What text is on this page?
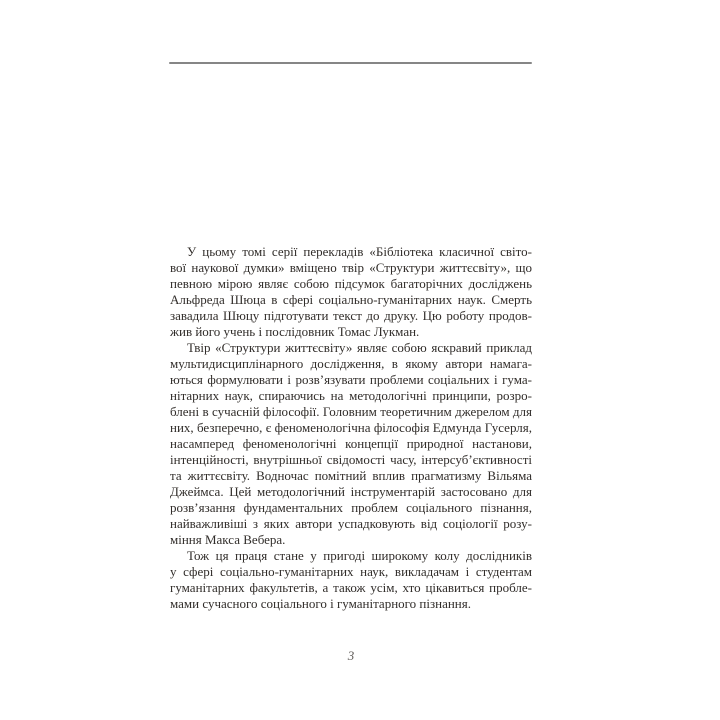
У цьому томі серії перекладів «Бібліотека класичної світо-
вої наукової думки» вміщено твір «Структури життєсвіту», що
певною мірою являє собою підсумок багаторічних досліджень
Альфреда Шюца в сфері соціально-гуманітарних наук. Смерть
завадила Шюцу підготувати текст до друку. Цю роботу продов-
жив його учень і послідовник Томас Лукман.

Твір «Структури життєсвіту» являє собою яскравий приклад
мультидисциплінарного дослідження, в якому автори намага-
ються формулювати і розв’язувати проблеми соціальних і гума-
нітарних наук, спираючись на методологічні принципи, розро-
блені в сучасній філософії. Головним теоретичним джерелом для
них, безперечно, є феноменологічна філософія Едмунда Гусерля,
насамперед феноменологічні концепції природної настанови,
інтенційності, внутрішньої свідомості часу, інтерсуб’єктивності
та життєсвіту. Водночас помітний вплив прагматизму Вільяма
Джеймса. Цей методологічний інструментарій застосовано для
розв’язання фундаментальних проблем соціального пізнання,
найважливіші з яких автори успадковують від соціології розу-
міння Макса Вебера.

Тож ця праця стане у пригоді широкому колу дослідників
у сфері соціально-гуманітарних наук, викладачам і студентам
гуманітарних факультетів, а також усім, хто цікавиться пробле-
мами сучасного соціального і гуманітарного пізнання.

3
